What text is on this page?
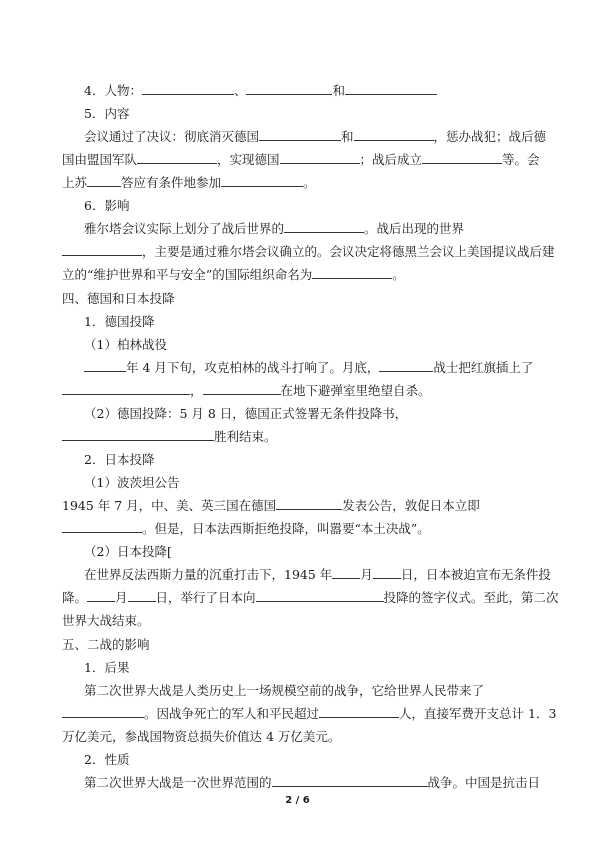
4．人物：	、	和
5．内容
会议通过了决议：彻底消灭德国	和	，惩办战犯；战后德
国由盟国军队	，实现德国	；战后成立	等。会
上苏	答应有条件地参加	。
6．影响
雅尔塔会议实际上划分了战后世界的	。战后出现的世界
，主要是通过雅尔塔会议确立的。会议决定将德黑兰会议上美国提议战后建
立的“维护世界和平与安全”的国际组织命名为	。
四、德国和日本投降
1．德国投降
（1）柏林战役
年 4 月下旬，攻克柏林的战斗打响了。月底，	战士把红旗插上了
，	在地下避弹室里绝望自杀。
（2）德国投降：5 月 8 日，德国正式签署无条件投降书，
胜利结束。
2．日本投降
（1）波茨坦公告
1945 年 7 月，中、美、英三国在德国	发表公告，敦促日本立即
。但是，日本法西斯拒绝投降，叫嚣要“本土决战”。
（2）日本投降[
在世界反法西斯力量的沉重打击下，1945 年 月 日，日本被迫宣布无条件投
降。 月 日，举行了日本向	投降的签字仪式。至此，第二次
世界大战结束。
五、二战的影响
1．后果
第二次世界大战是人类历史上一场规模空前的战争，它给世界人民带来了
。因战争死亡的军人和平民超过	人，直接军费开支总计 1．3
万亿美元，参战国物资总损失价值达 4 万亿美元。
2．性质
第二次世界大战是一次世界范围的	战争。中国是抗击日
2 / 6
